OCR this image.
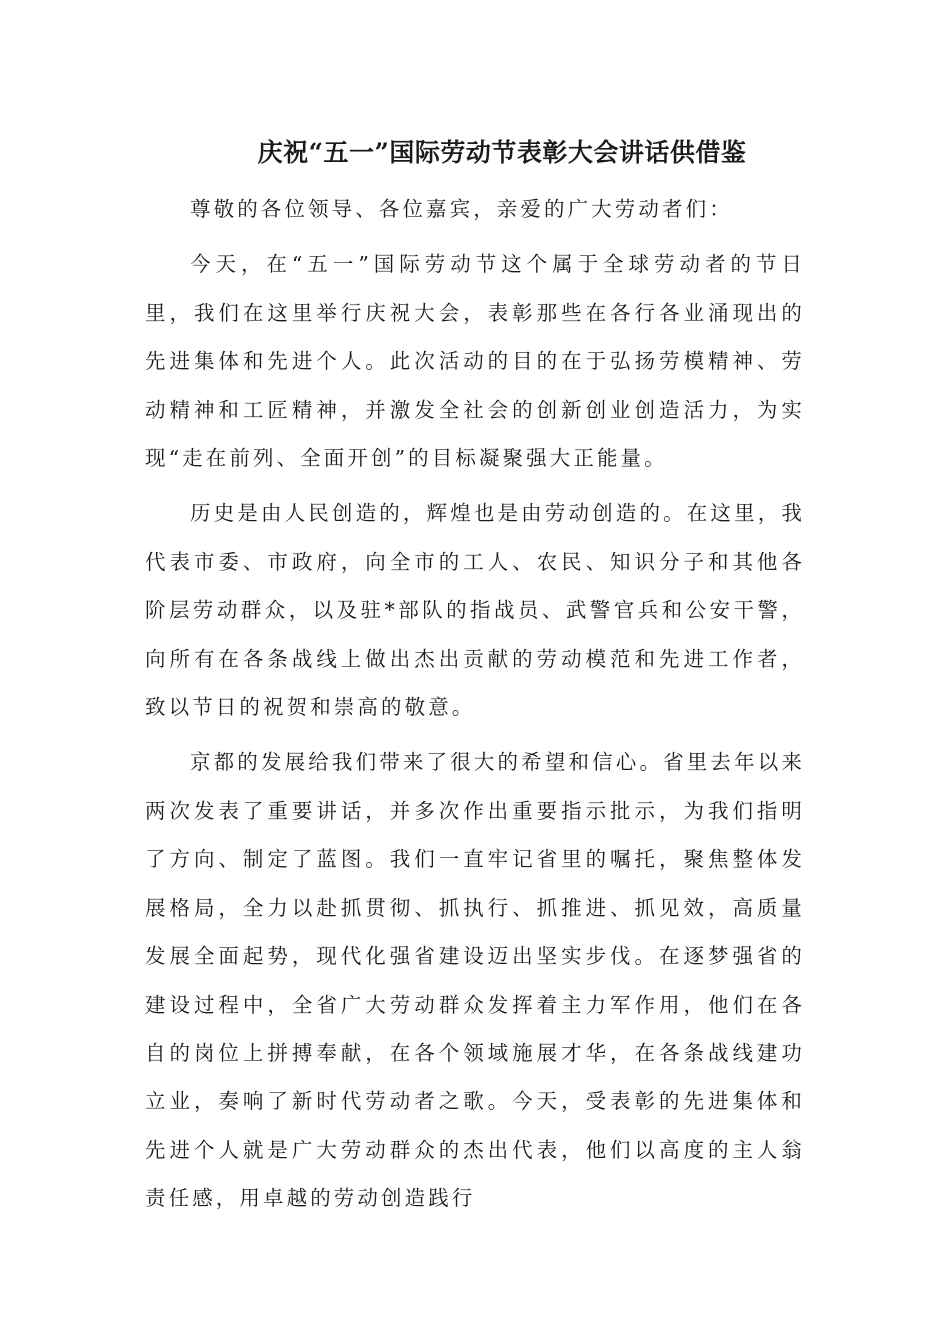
庆祝“五一”国际劳动节表彰大会讲话供借鉴

尊敬的各位领导、各位嘉宾，亲爱的广大劳动者们：

今天，在“五一”国际劳动节这个属于全球劳动者的节日里，我们在这里举行庆祝大会，表彰那些在各行各业涌现出的先进集体和先进个人。此次活动的目的在于弘扬劳模精神、劳动精神和工匠精神，并激发全社会的创新创业创造活力，为实现“走在前列、全面开创”的目标凝聚强大正能量。

历史是由人民创造的，辉煌也是由劳动创造的。在这里，我代表市委、市政府，向全市的工人、农民、知识分子和其他各阶层劳动群众，以及驻*部队的指战员、武警官兵和公安干警，向所有在各条战线上做出杰出贡献的劳动模范和先进工作者，致以节日的祝贺和崇高的敬意。

京都的发展给我们带来了很大的希望和信心。省里去年以来两次发表了重要讲话，并多次作出重要指示批示，为我们指明了方向、制定了蓝图。我们一直牢记省里的嘱托，聚焦整体发展格局，全力以赴抓贯彻、抓执行、抓推进、抓见效，高质量发展全面起势，现代化强省建设迈出坚实步伐。在逐梦强省的建设过程中，全省广大劳动群众发挥着主力军作用，他们在各自的岗位上拼搏奉献，在各个领域施展才华，在各条战线建功立业，奏响了新时代劳动者之歌。今天，受表彰的先进集体和先进个人就是广大劳动群众的杰出代表，他们以高度的主人翁责任感，用卓越的劳动创造践行
